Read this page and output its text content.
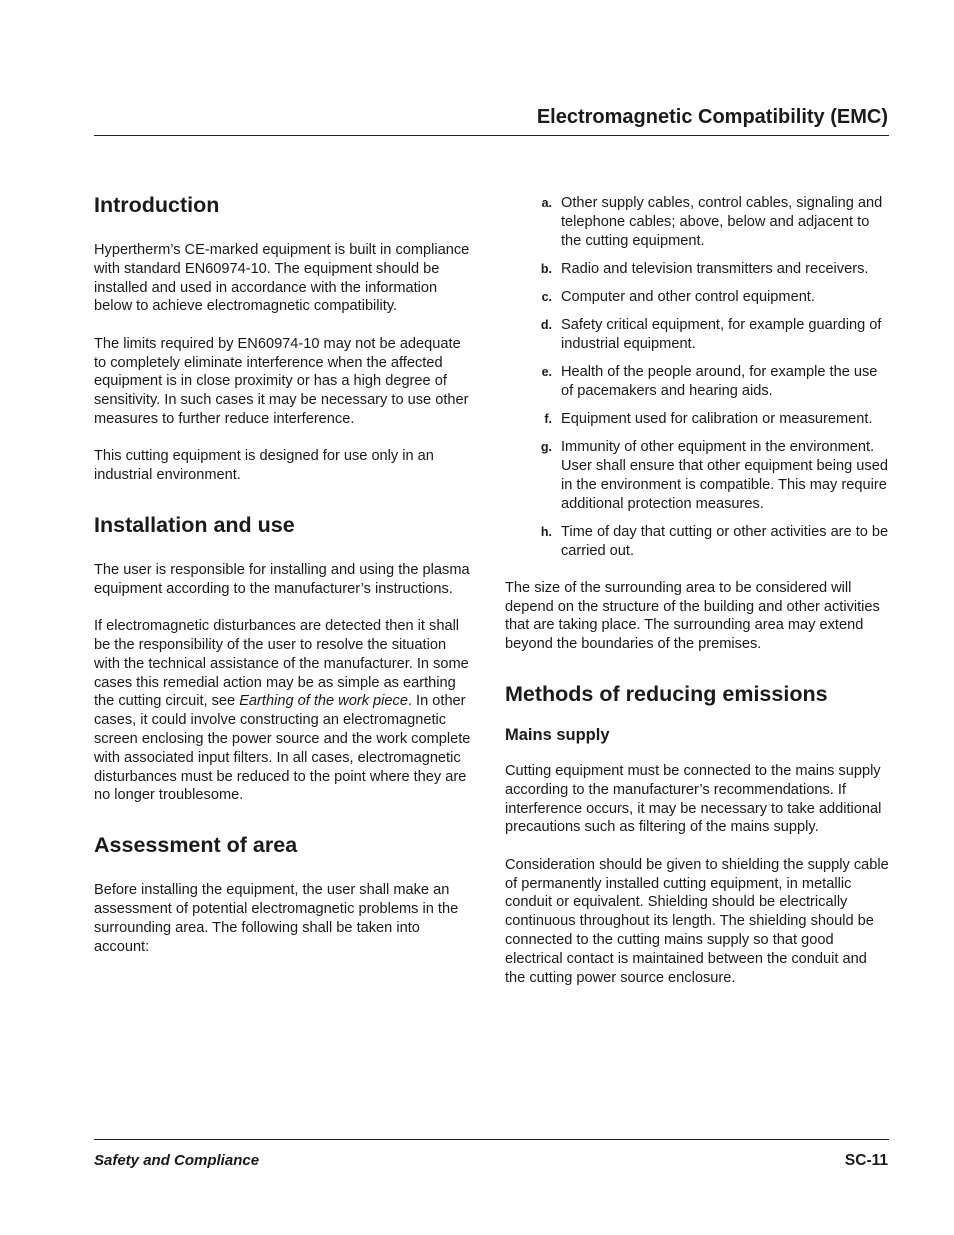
Electromagnetic Compatibility (EMC)
Introduction

Hypertherm’s CE-marked equipment is built in compliance with standard EN60974-10. The equipment should be installed and used in accordance with the information below to achieve electromagnetic compatibility.

The limits required by EN60974-10 may not be adequate to completely eliminate interference when the affected equipment is in close proximity or has a high degree of sensitivity. In such cases it may be necessary to use other measures to further reduce interference.

This cutting equipment is designed for use only in an industrial environment.

Installation and use

The user is responsible for installing and using the plasma equipment according to the manufacturer’s instructions.

If electromagnetic disturbances are detected then it shall be the responsibility of the user to resolve the situation with the technical assistance of the manufacturer. In some cases this remedial action may be as simple as earthing the cutting circuit, see Earthing of the work piece. In other cases, it could involve constructing an electromagnetic screen enclosing the power source and the work complete with associated input filters. In all cases, electromagnetic disturbances must be reduced to the point where they are no longer troublesome.

Assessment of area

Before installing the equipment, the user shall make an assessment of potential electromagnetic problems in the surrounding area. The following shall be taken into account:

a. Other supply cables, control cables, signaling and telephone cables; above, below and adjacent to the cutting equipment.
b. Radio and television transmitters and receivers.
c. Computer and other control equipment.
d. Safety critical equipment, for example guarding of industrial equipment.
e. Health of the people around, for example the use of pacemakers and hearing aids.
f. Equipment used for calibration or measurement.
g. Immunity of other equipment in the environment. User shall ensure that other equipment being used in the environment is compatible. This may require additional protection measures.
h. Time of day that cutting or other activities are to be carried out.

The size of the surrounding area to be considered will depend on the structure of the building and other activities that are taking place. The surrounding area may extend beyond the boundaries of the premises.

Methods of reducing emissions
Mains supply

Cutting equipment must be connected to the mains supply according to the manufacturer’s recommendations. If interference occurs, it may be necessary to take additional precautions such as filtering of the mains supply.

Consideration should be given to shielding the supply cable of permanently installed cutting equipment, in metallic conduit or equivalent. Shielding should be electrically continuous throughout its length. The shielding should be connected to the cutting mains supply so that good electrical contact is maintained between the conduit and the cutting power source enclosure.

Safety and Compliance	SC-11
